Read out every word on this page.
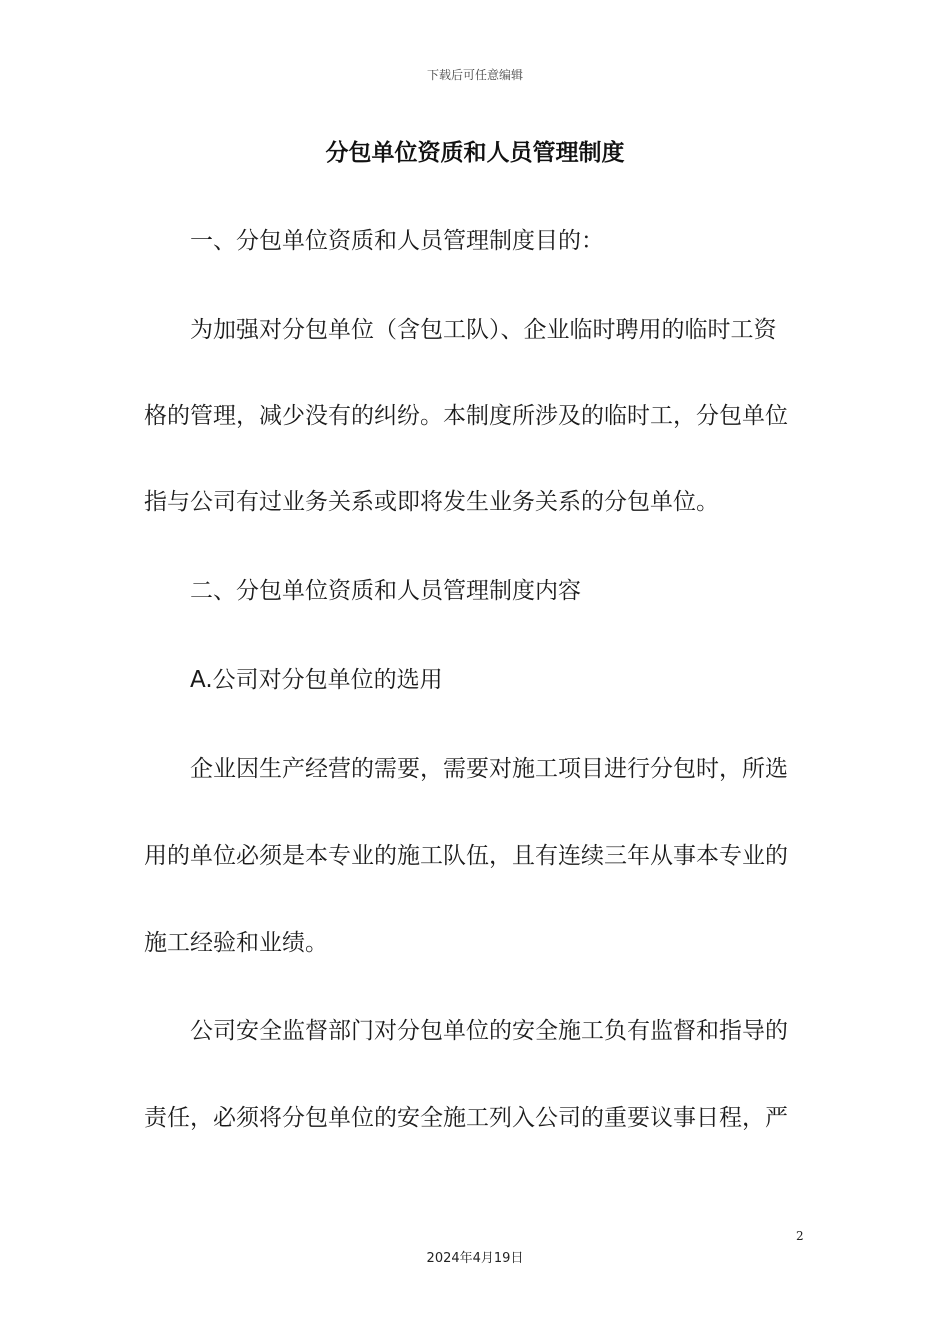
下载后可任意编辑
分包单位资质和人员管理制度
一、分包单位资质和人员管理制度目的：
为加强对分包单位（含包工队）、企业临时聘用的临时工资
格的管理，减少没有的纠纷。本制度所涉及的临时工，分包单位
指与公司有过业务关系或即将发生业务关系的分包单位。
二、分包单位资质和人员管理制度内容
A.公司对分包单位的选用
企业因生产经营的需要，需要对施工项目进行分包时，所选
用的单位必须是本专业的施工队伍，且有连续三年从事本专业的
施工经验和业绩。
公司安全监督部门对分包单位的安全施工负有监督和指导的
责任，必须将分包单位的安全施工列入公司的重要议事日程，严
2
2024年4月19日
